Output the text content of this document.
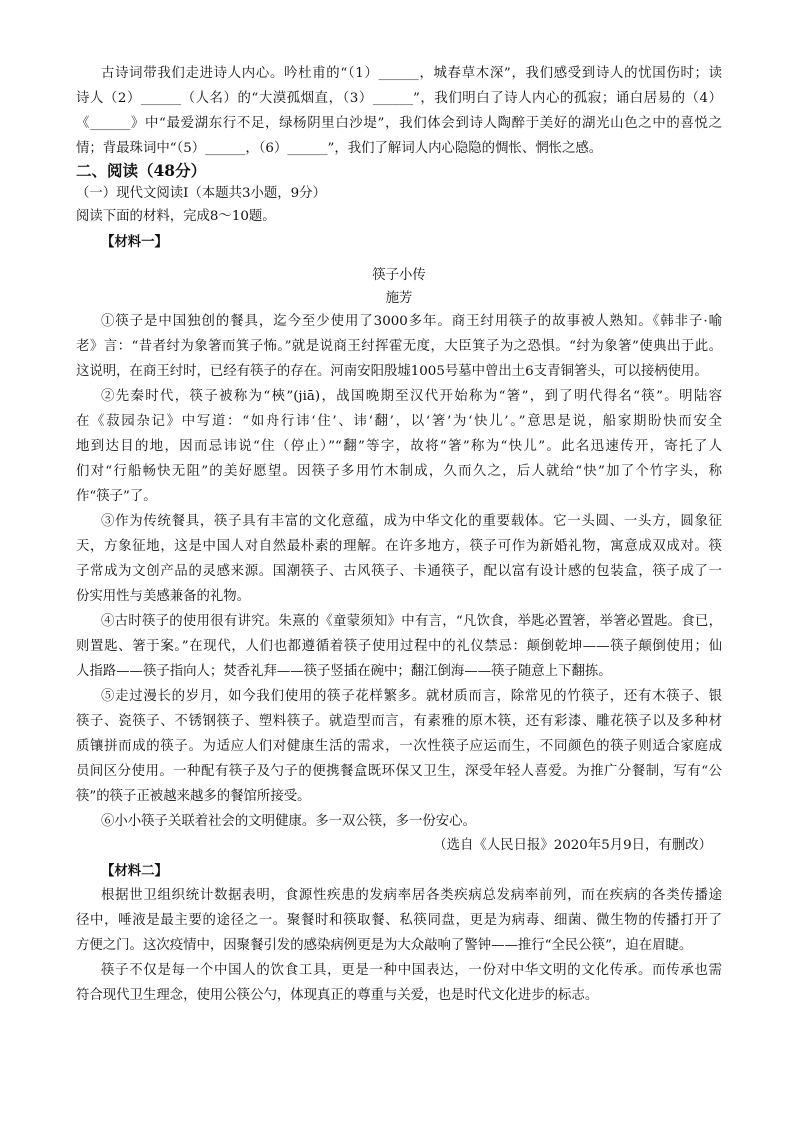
古诗词带我们走进诗人内心。吟杜甫的“（1）______，城春草木深”，我们感受到诗人的忧国伤时；读
诗人（2）______（人名）的“大漠孤烟直，（3）______”，我们明白了诗人内心的孤寂；诵白居易的（4）
《______》中“最爱湖东行不足，绿杨阴里白沙堤”，我们体会到诗人陶醉于美好的湖光山色之中的喜悦之
情；背最珠词中“（5）______，（6）______”，我们了解词人内心隐隐的惆怅、惘怅之感。
二、阅读（48分）
（一）现代文阅读Ⅰ（本题共3小题，9分）
阅读下面的材料，完成8～10题。
【材料一】
筷子小传
施芳
①筷子是中国独创的餐具，迄今至少使用了3000多年。商王纣用筷子的故事被人熟知。《韩非子·喻
老》言：“昔者纣为象箸而箕子怖。”就是说商王纣挥霍无度，大臣箕子为之恐惧。“纣为象箸”使典出于此。
这说明，在商王纣时，已经有筷子的存在。河南安阳殷墟1005号墓中曾出土6支青铜箸头，可以接柄使用。
②先秦时代，筷子被称为“梜”(jiā)，战国晚期至汉代开始称为“箸”，到了明代得名“筷”。明陆容
在《菽园杂记》中写道：“如舟行讳‘住’、讳‘翻’，以‘箸’为‘快儿’。”意思是说，船家期盼快而安全
地到达目的地，因而忌讳说“住（停止）”“翻”等字，故将“箸”称为“快儿”。此名迅速传开，寄托了人
们对“行船畅快无阻”的美好愿望。因筷子多用竹木制成，久而久之，后人就给“快”加了个竹字头，称
作“筷子”了。
③作为传统餐具，筷子具有丰富的文化意蕴，成为中华文化的重要载体。它一头圆、一头方，圆象征
天，方象征地，这是中国人对自然最朴素的理解。在许多地方，筷子可作为新婚礼物，寓意成双成对。筷
子常成为文创产品的灵感来源。国潮筷子、古风筷子、卡通筷子，配以富有设计感的包装盒，筷子成了一
份实用性与美感兼备的礼物。
④古时筷子的使用很有讲究。朱熹的《童蒙须知》中有言，“凡饮食，举匙必置箸，举箸必置匙。食已，
则置匙、箸于案。”在现代，人们也都遵循着筷子使用过程中的礼仪禁忌：颠倒乾坤——筷子颠倒使用；仙
人指路——筷子指向人；焚香礼拜——筷子竖插在碗中；翻江倒海——筷子随意上下翻拣。
⑤走过漫长的岁月，如今我们使用的筷子花样繁多。就材质而言，除常见的竹筷子，还有木筷子、银
筷子、瓷筷子、不锈钢筷子、塑料筷子。就造型而言，有素雅的原木筷，还有彩漆、雕花筷子以及多种材
质镶拼而成的筷子。为适应人们对健康生活的需求，一次性筷子应运而生，不同颜色的筷子则适合家庭成
员间区分使用。一种配有筷子及勺子的便携餐盒既环保又卫生，深受年轻人喜爱。为推广分餐制，写有“公
筷”的筷子正被越来越多的餐馆所接受。
⑥小小筷子关联着社会的文明健康。多一双公筷，多一份安心。
（选自《人民日报》2020年5月9日，有删改）
【材料二】
根据世卫组织统计数据表明，食源性疾患的发病率居各类疾病总发病率前列，而在疾病的各类传播途
径中，唾液是最主要的途径之一。聚餐时和筷取餐、私筷同盘，更是为病毒、细菌、微生物的传播打开了
方便之门。这次疫情中，因聚餐引发的感染病例更是为大众敲响了警钟——推行“全民公筷”，迫在眉睫。
筷子不仅是每一个中国人的饮食工具，更是一种中国表达，一份对中华文明的文化传承。而传承也需
符合现代卫生理念，使用公筷公勺，体现真正的尊重与关爱，也是时代文化进步的标志。
